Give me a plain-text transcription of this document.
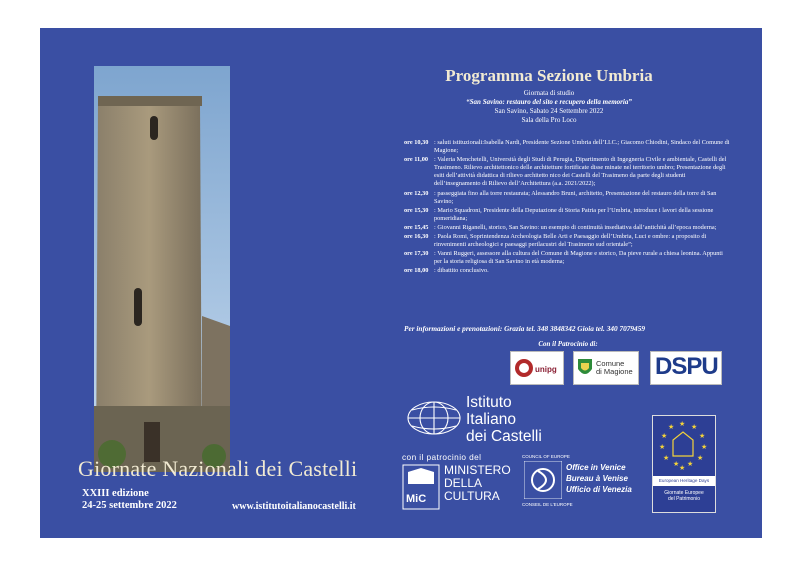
Giornate Nazionali dei Castelli
XXIII edizione
24-25 settembre 2022	www.istitutoitalianocastelli.it
Programma Sezione Umbria
Giornata di studio
“San Savino: restauro del sito e recupero della memoria”
San Savino, Sabato 24 Settembre 2022
Sala della Pro Loco
ore 10,30 : saluti istituzionali:Isabella Nardi, Presidente Sezione Umbria dell’I.I.C.; Giacomo Chiodini, Sindaco del Comune di Magione;
ore 11,00 : Valeria Menchetelli, Università degli Studi di Perugia, Dipartimento di Ingegneria Civile e ambientale, Castelli del Trasimeno. Rilievo architettonico delle architetture fortificate disse minate nel territorio umbro; Presentazione degli esiti dell’attività didattica di rilievo architetto nico dei Castelli del Trasimeno da parte degli studenti dell’insegnamento di Rilievo dell’Architettura (a.a. 2021/2022);
ore 12,30 : passeggiata fino alla torre restaurata; Alessandro Bruni, architetto, Presentazione del restauro della torre di San Savino;
ore 15,30 : Mario Squadroni, Presidente della Deputazione di Storia Patria per l’Umbria, introduce i lavori della sessione pomeridiana;
ore 15,45 : Giovanni Riganelli, storico, San Savino: un esempio di continuità insediativa dall’antichità all’epoca moderna;
ore 16,30 : Paola Romi, Soprintendenza Archeologia Belle Arti e Paesaggio dell’Umbria, Luci e ombre: a proposito di rinvenimenti archeologici e paesaggi perilacustri del Trasimeno sud orientale”;
ore 17,30 : Vanni Ruggeri, assessore alla cultura del Comune di Magione e storico, Da pieve rurale a chiesa leonina. Appunti per la storia religiosa di San Savino in età moderna;
ore 18,00 : dibattito conclusivo.
Per informazioni e prenotazioni: Grazia tel. 348 3848342 Gioia tel. 340 7079459
Con il Patrocinio di:
unipg
Comune
di Magione DSPU
Istituto
Italiano
dei Castelli
con il patrocinio del
MiC
MINISTERO
DELLA
CULTURA
COUNCIL OF EUROPE
CONSEIL DE L’EUROPE
Office in Venice
Bureau à Venise
Ufficio di Venezia
★ ★
★
★
★
★
★
★
★
★
★
★
European Heritage Days
Giornate Europee
del Patrimonio
